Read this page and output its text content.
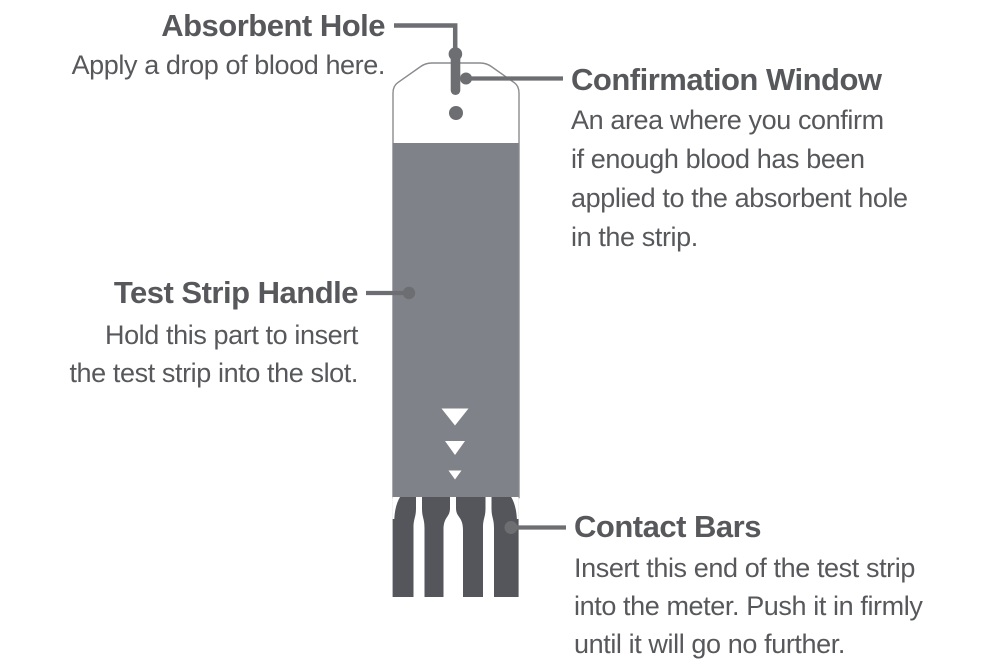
Absorbent Hole
Apply a drop of blood here.	Confirmation Window
An area where you confirm
if enough blood has been
applied to the absorbent hole
in the strip.
Test Strip Handle
Hold this part to insert
the test strip into the slot.
Contact Bars
Insert this end of the test strip
into the meter. Push it in firmly
until it will go no further.
